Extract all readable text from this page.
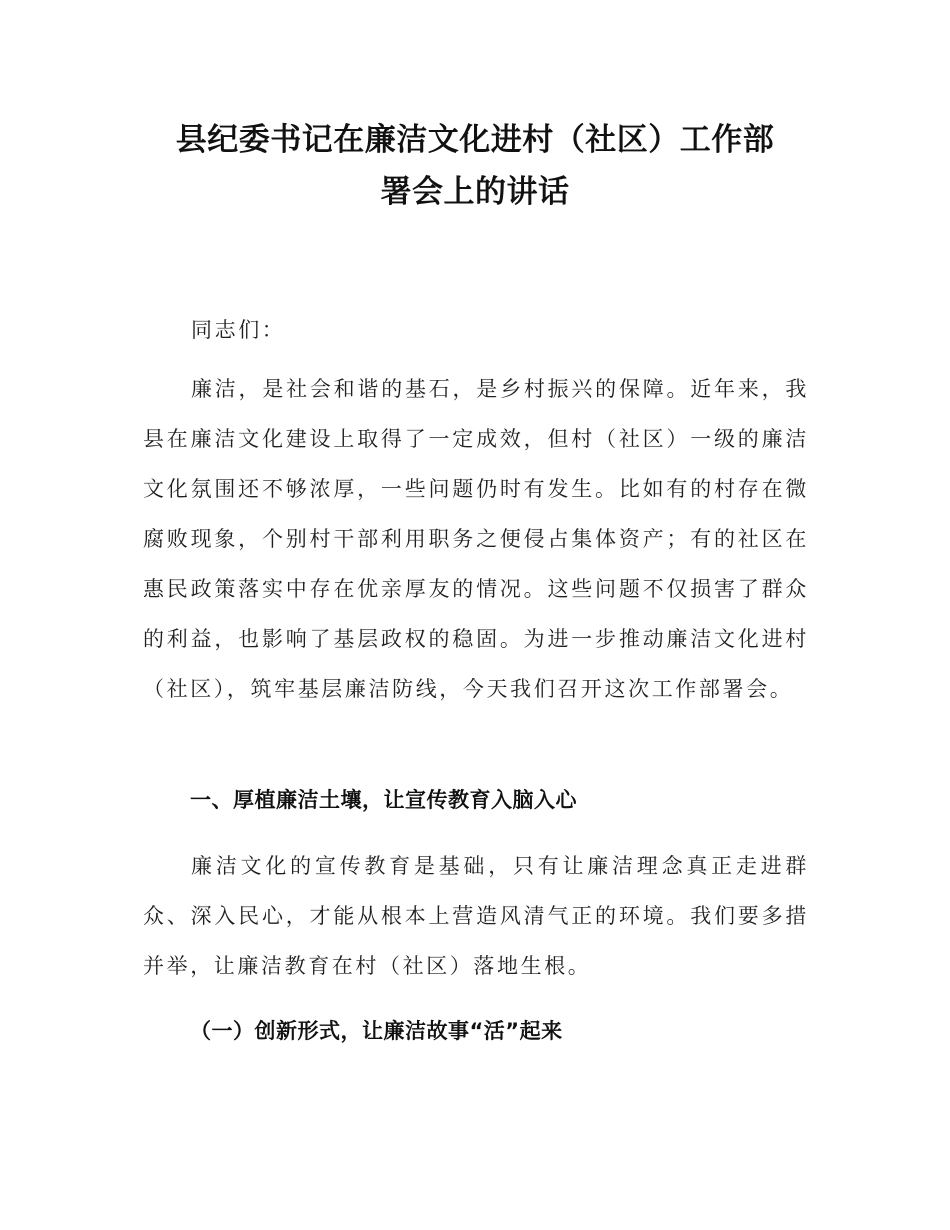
县纪委书记在廉洁文化进村（社区）工作部
署会上的讲话

同志们：

廉洁，是社会和谐的基石，是乡村振兴的保障。近年来，我县在廉洁文化建设上取得了一定成效，但村（社区）一级的廉洁文化氛围还不够浓厚，一些问题仍时有发生。比如有的村存在微腐败现象，个别村干部利用职务之便侵占集体资产；有的社区在惠民政策落实中存在优亲厚友的情况。这些问题不仅损害了群众的利益，也影响了基层政权的稳固。为进一步推动廉洁文化进村（社区），筑牢基层廉洁防线，今天我们召开这次工作部署会。

一、厚植廉洁土壤，让宣传教育入脑入心

廉洁文化的宣传教育是基础，只有让廉洁理念真正走进群众、深入民心，才能从根本上营造风清气正的环境。我们要多措并举，让廉洁教育在村（社区）落地生根。

（一）创新形式，让廉洁故事“活”起来
